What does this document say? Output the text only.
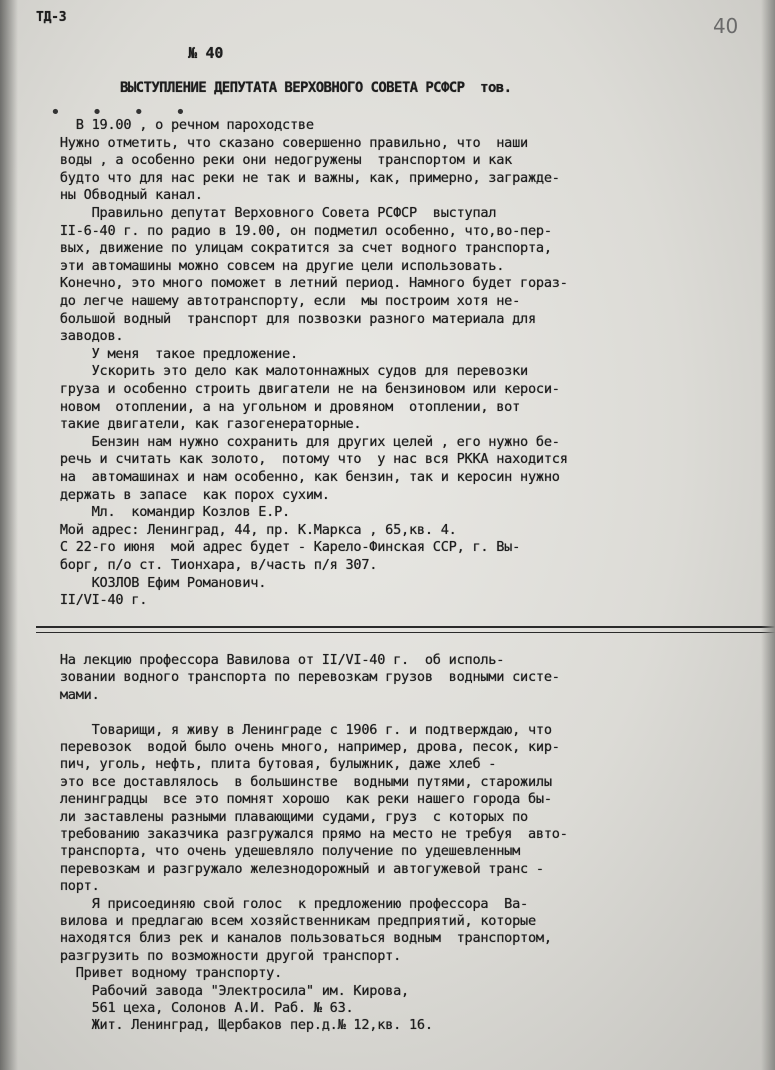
ТД-3	40
№ 40
ВЫСТУПЛЕНИЕ ДЕПУТАТА ВЕРХОВНОГО СОВЕТА РСФСР  тов.
• • • •
В 19.00 , о речном пароходстве
Нужно отметить, что сказано совершенно правильно, что  наши
воды , а особенно реки они недогружены  транспортом и как
будто что для нас реки не так и важны, как, примерно, загражде-
ны Обводный канал.
Правильно депутат Верховного Совета РСФСР  выступал
II-6-40 г. по радио в 19.00, он подметил особенно, что,во-пер-
вых, движение по улицам сократится за счет водного транспорта,
эти автомашины можно совсем на другие цели использовать.
Конечно, это много поможет в летний период. Намного будет гораз-
до легче нашему автотранспорту, если  мы построим хотя не-
большой водный  транспорт для позвозки разного материала для
заводов.
У меня  такое предложение.
Ускорить это дело как малотоннажных судов для перевозки
груза и особенно строить двигатели не на бензиновом или кероси-
новом  отоплении, а на угольном и дровяном  отоплении, вот
такие двигатели, как газогенераторные.
Бензин нам нужно сохранить для других целей , его нужно бе-
речь и считать как золото,  потому что  у нас вся РККА находится
на  автомашинах и нам особенно, как бензин, так и керосин нужно
держать в запасе  как порох сухим.
Мл.  командир Козлов Е.Р.
Мой адрес: Ленинград, 44, пр. К.Маркса , 65,кв. 4.
С 22-го июня  мой адрес будет - Карело-Финская ССР, г. Вы-
борг, п/о ст. Тионхара, в/часть п/я 307.
КОЗЛОВ Ефим Романович.
II/VI-40 г.
На лекцию профессора Вавилова от II/VI-40 г.  об исполь-
зовании водного транспорта по перевозкам грузов  водными систе-
мами.
Товарищи, я живу в Ленинграде с 1906 г. и подтверждаю, что
перевозок  водой было очень много, например, дрова, песок, кир-
пич, уголь, нефть, плита бутовая, булыжник, даже хлеб -
это все доставлялось  в большинстве  водными путями, старожилы
ленинградцы  все это помнят хорошо  как реки нашего города бы-
ли заставлены разными плавающими судами, груз  с которых по
требованию заказчика разгружался прямо на место не требуя  авто-
транспорта, что очень удешевляло получение по удешевленным
перевозкам и разгружало железнодорожный и автогужевой транс -
порт.
Я присоединяю свой голос  к предложению профессора  Ва-
вилова и предлагаю всем хозяйственникам предприятий, которые
находятся близ рек и каналов пользоваться водным  транспортом,
разгрузить по возможности другой транспорт.
Привет водному транспорту.
Рабочий завода "Электросила" им. Кирова,
561 цеха, Солонов А.И. Раб. № 63.
Жит. Ленинград, Щербаков пер.д.№ 12,кв. 16.
